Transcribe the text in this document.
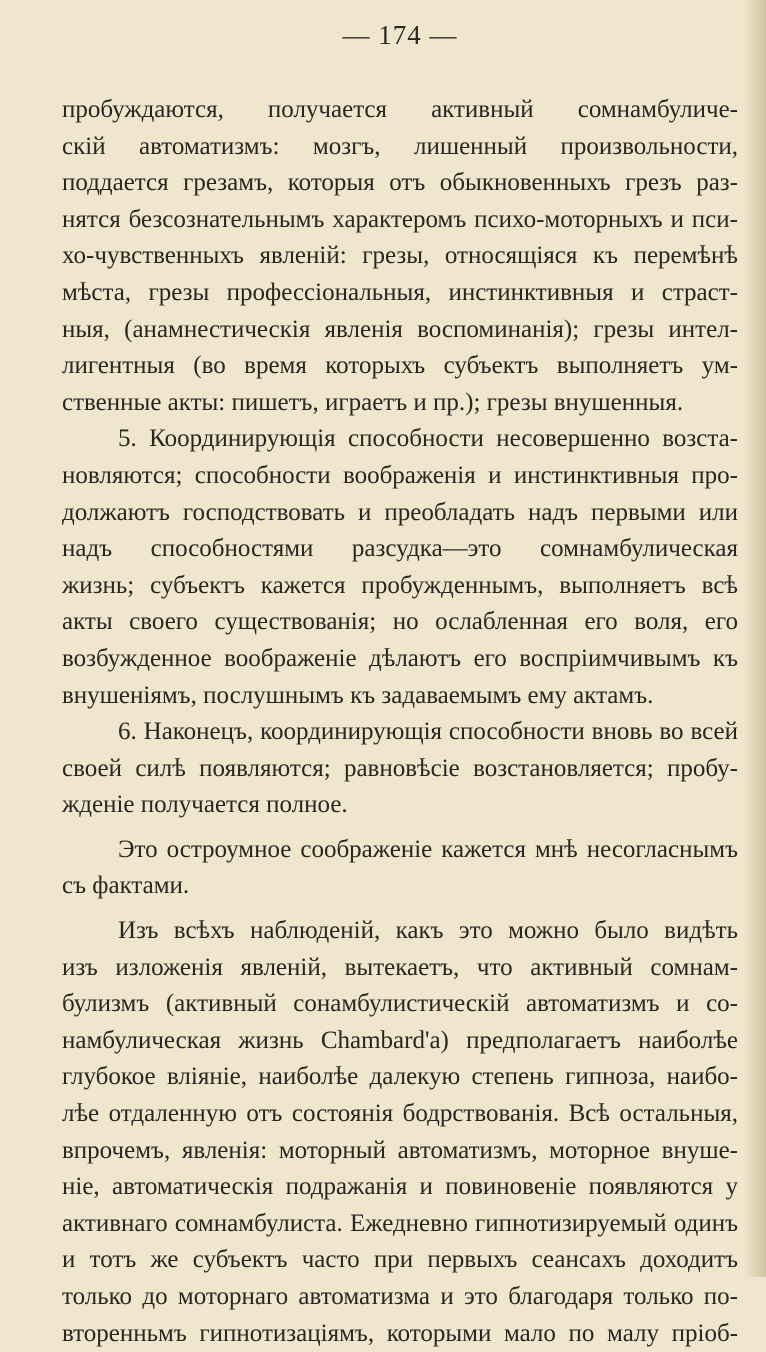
— 174 —
пробуждаются, получается активный сомнамбуличе-
скій автоматизмъ: мозгъ, лишенный произвольности,
поддается грезамъ, которыя отъ обыкновенныхъ грезъ раз-
нятся безсознательнымъ характеромъ психо-моторныхъ и пси-
хо-чувственныхъ явленій: грезы, относящіяся къ перемѣнѣ
мѣста, грезы профессіональныя, инстинктивныя и страст-
ныя, (анамнестическія явленія воспоминанія); грезы интел-
лигентныя (во время которыхъ субъектъ выполняетъ ум-
ственные акты: пишетъ, играетъ и пр.); грезы внушенныя.
5. Координирующія способности несовершенно возста-
новляются; способности воображенія и инстинктивныя про-
должаютъ господствовать и преобладать надъ первыми или
надъ способностями разсудка—это сомнамбулическая
жизнь; субъектъ кажется пробужденнымъ, выполняетъ всѣ
акты своего существованія; но ослабленная его воля, его
возбужденное воображеніе дѣлаютъ его воспріимчивымъ къ
внушеніямъ, послушнымъ къ задаваемымъ ему актамъ.
6. Наконецъ, координирующія способности вновь во всей
своей силѣ появляются; равновѣсіе возстановляется; пробу-
жденіе получается полное.
Это остроумное соображеніе кажется мнѣ несогласнымъ
съ фактами.
Изъ всѣхъ наблюденій, какъ это можно было видѣть
изъ изложенія явленій, вытекаетъ, что активный сомнам-
булизмъ (активный сонамбулистическій автоматизмъ и со-
намбулическая жизнь Chambard'а) предполагаетъ наиболѣе
глубокое вліяніе, наиболѣе далекую степень гипноза, наибо-
лѣе отдаленную отъ состоянія бодрствованія. Всѣ остальныя,
впрочемъ, явленія: моторный автоматизмъ, моторное внуше-
ніе, автоматическія подражанія и повиновеніе появляются у
активнаго сомнамбулиста. Ежедневно гипнотизируемый одинъ
и тотъ же субъектъ часто при первыхъ сеансахъ доходитъ
только до моторнаго автоматизма и это благодаря только по-
вторенньмъ гипнотизаціямъ, которыми мало по малу пріоб-
